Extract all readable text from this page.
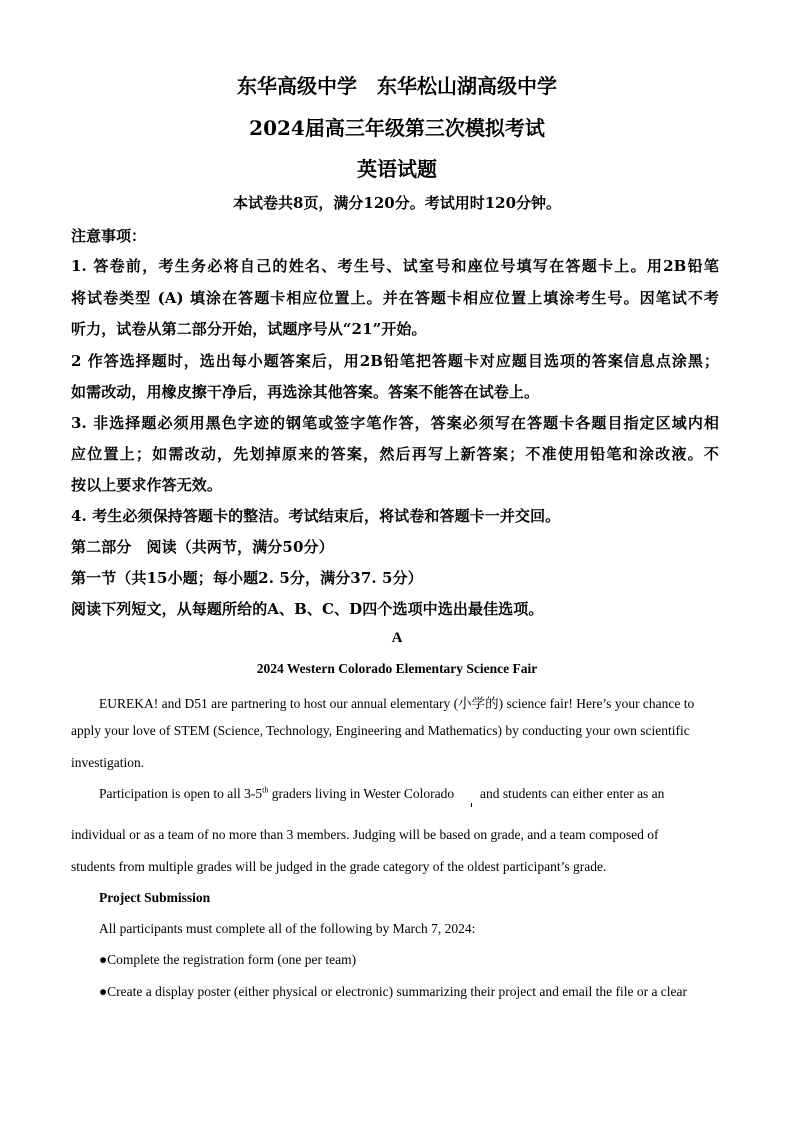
东华高级中学　东华松山湖高级中学
2024届高三年级第三次模拟考试
英语试题
本试卷共8页，满分120分。考试用时120分钟。
注意事项：
1. 答卷前，考生务必将自己的姓名、考生号、试室号和座位号填写在答题卡上。用2B铅笔
将试卷类型 (A) 填涂在答题卡相应位置上。并在答题卡相应位置上填涂考生号。因笔试不考
听力，试卷从第二部分开始，试题序号从“21”开始。
2 作答选择题时，选出每小题答案后，用2B铅笔把答题卡对应题目选项的答案信息点涂黑；
如需改动，用橡皮擦干净后，再选涂其他答案。答案不能答在试卷上。
3. 非选择题必须用黑色字迹的钢笔或签字笔作答，答案必须写在答题卡各题目指定区域内相
应位置上；如需改动，先划掉原来的答案，然后再写上新答案；不准使用铅笔和涂改液。不
按以上要求作答无效。
4. 考生必须保持答题卡的整洁。考试结束后，将试卷和答题卡一并交回。
第二部分　阅读（共两节，满分50分）
第一节（共15小题；每小题2. 5分，满分37. 5分）
阅读下列短文，从每题所给的A、B、C、D四个选项中选出最佳选项。
A
2024 Western Colorado Elementary Science Fair
EUREKA! and D51 are partnering to host our annual elementary (小学的) science fair! Here’s your chance to
apply your love of STEM (Science, Technology, Engineering and Mathematics) by conducting your own scientific
investigation.
Participation is open to all 3-5th graders living in Wester Colorado and students can either enter as an
individual or as a team of no more than 3 members. Judging will be based on grade, and a team composed of
students from multiple grades will be judged in the grade category of the oldest participant’s grade.
Project Submission
All participants must complete all of the following by March 7, 2024:
●Complete the registration form (one per team)
●Create a display poster (either physical or electronic) summarizing their project and email the file or a clear
